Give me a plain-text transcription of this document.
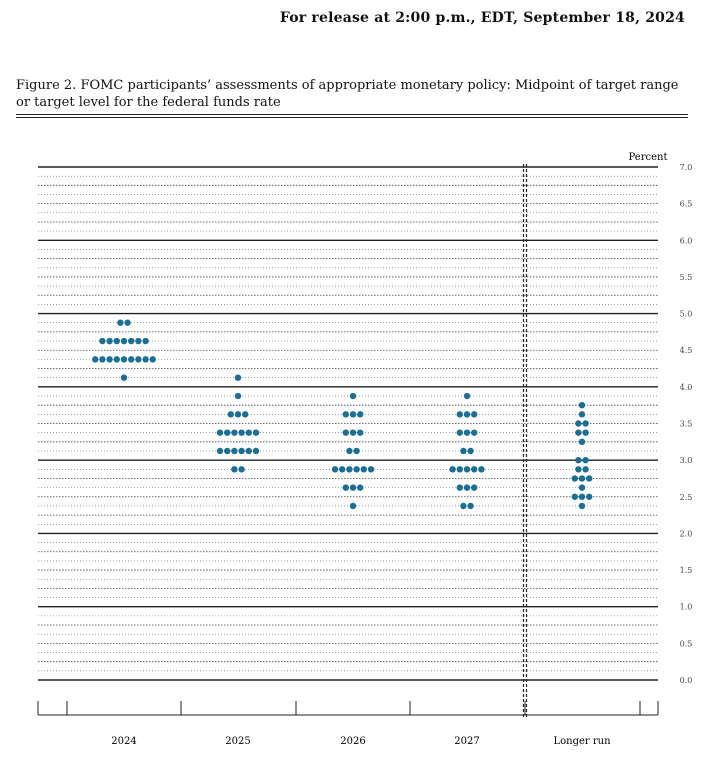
For release at 2:00 p.m., EDT, September 18, 2024
Figure 2. FOMC participants’ assessments of appropriate monetary policy: Midpoint of target range or target level for the federal funds rate
Percent
0.0
0.5
1.0
1.5
2.0
2.5
3.0
3.5
4.0
4.5
5.0
5.5
6.0
6.5
7.0
2024	2025	2026	2027	Longer run
